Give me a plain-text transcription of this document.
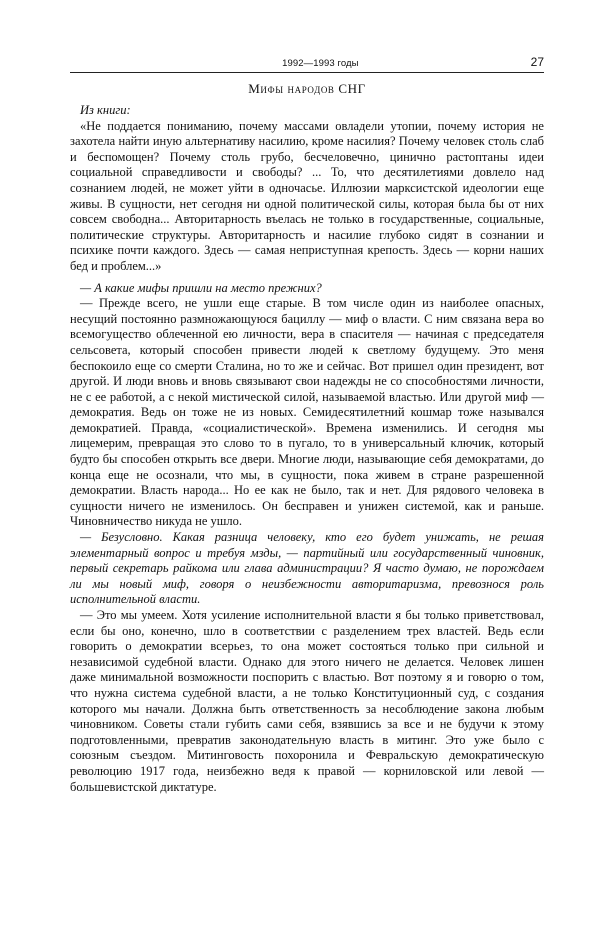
1992—1993 годы	27
Мифы народов СНГ

Из книги:

«Не поддается пониманию, почему массами овладели утопии, почему история не захотела найти иную альтернативу насилию, кроме насилия? Почему человек столь слаб и беспомощен? Почему столь грубо, бесчеловечно, цинично растоптаны идеи социальной справедливости и свободы? ... То, что десятилетиями довлело над сознанием людей, не может уйти в одночасье. Иллюзии марксистской идеологии еще живы. В сущности, нет сегодня ни одной политической силы, которая была бы от них совсем свободна... Авторитарность въелась не только в государственные, социальные, политические структуры. Авторитарность и насилие глубоко сидят в сознании и психике почти каждого. Здесь — самая неприступная крепость. Здесь — корни наших бед и проблем...»

— А какие мифы пришли на место прежних?

— Прежде всего, не ушли еще старые. В том числе один из наиболее опасных, несущий постоянно размножающуюся бациллу — миф о власти. С ним связана вера во всемогущество облеченной ею личности, вера в спасителя — начиная с председателя сельсовета, который способен привести людей к светлому будущему. Это меня беспокоило еще со смерти Сталина, но то же и сейчас. Вот пришел один президент, вот другой. И люди вновь и вновь связывают свои надежды не со способностями личности, не с ее работой, а с некой мистической силой, называемой властью. Или другой миф — демократия. Ведь он тоже не из новых. Семидесятилетний кошмар тоже назывался демократией. Правда, «социалистической». Времена изменились. И сегодня мы лицемерим, превращая это слово то в пугало, то в универсальный ключик, который будто бы способен открыть все двери. Многие люди, называющие себя демократами, до конца еще не осознали, что мы, в сущности, пока живем в стране разрешенной демократии. Власть народа... Но ее как не было, так и нет. Для рядового человека в сущности ничего не изменилось. Он бесправен и унижен системой, как и раньше. Чиновничество никуда не ушло.

— Безусловно. Какая разница человеку, кто его будет унижать, не решая элементарный вопрос и требуя мзды, — партийный или государственный чиновник, первый секретарь райкома или глава администрации? Я часто думаю, не порождаем ли мы новый миф, говоря о неизбежности авторитаризма, превознося роль исполнительной власти.

— Это мы умеем. Хотя усиление исполнительной власти я бы только приветствовал, если бы оно, конечно, шло в соответствии с разделением трех властей. Ведь если говорить о демократии всерьез, то она может состояться только при сильной и независимой судебной власти. Однако для этого ничего не делается. Человек лишен даже минимальной возможности поспорить с властью. Вот поэтому я и говорю о том, что нужна система судебной власти, а не только Конституционный суд, с создания которого мы начали. Должна быть ответственность за несоблюдение закона любым чиновником. Советы стали губить сами себя, взявшись за все и не будучи к этому подготовленными, превратив законодательную власть в митинг. Это уже было с союзным съездом. Митинговость похоронила и Февральскую демократическую революцию 1917 года, неизбежно ведя к правой — корниловской или левой — большевистской диктатуре.
